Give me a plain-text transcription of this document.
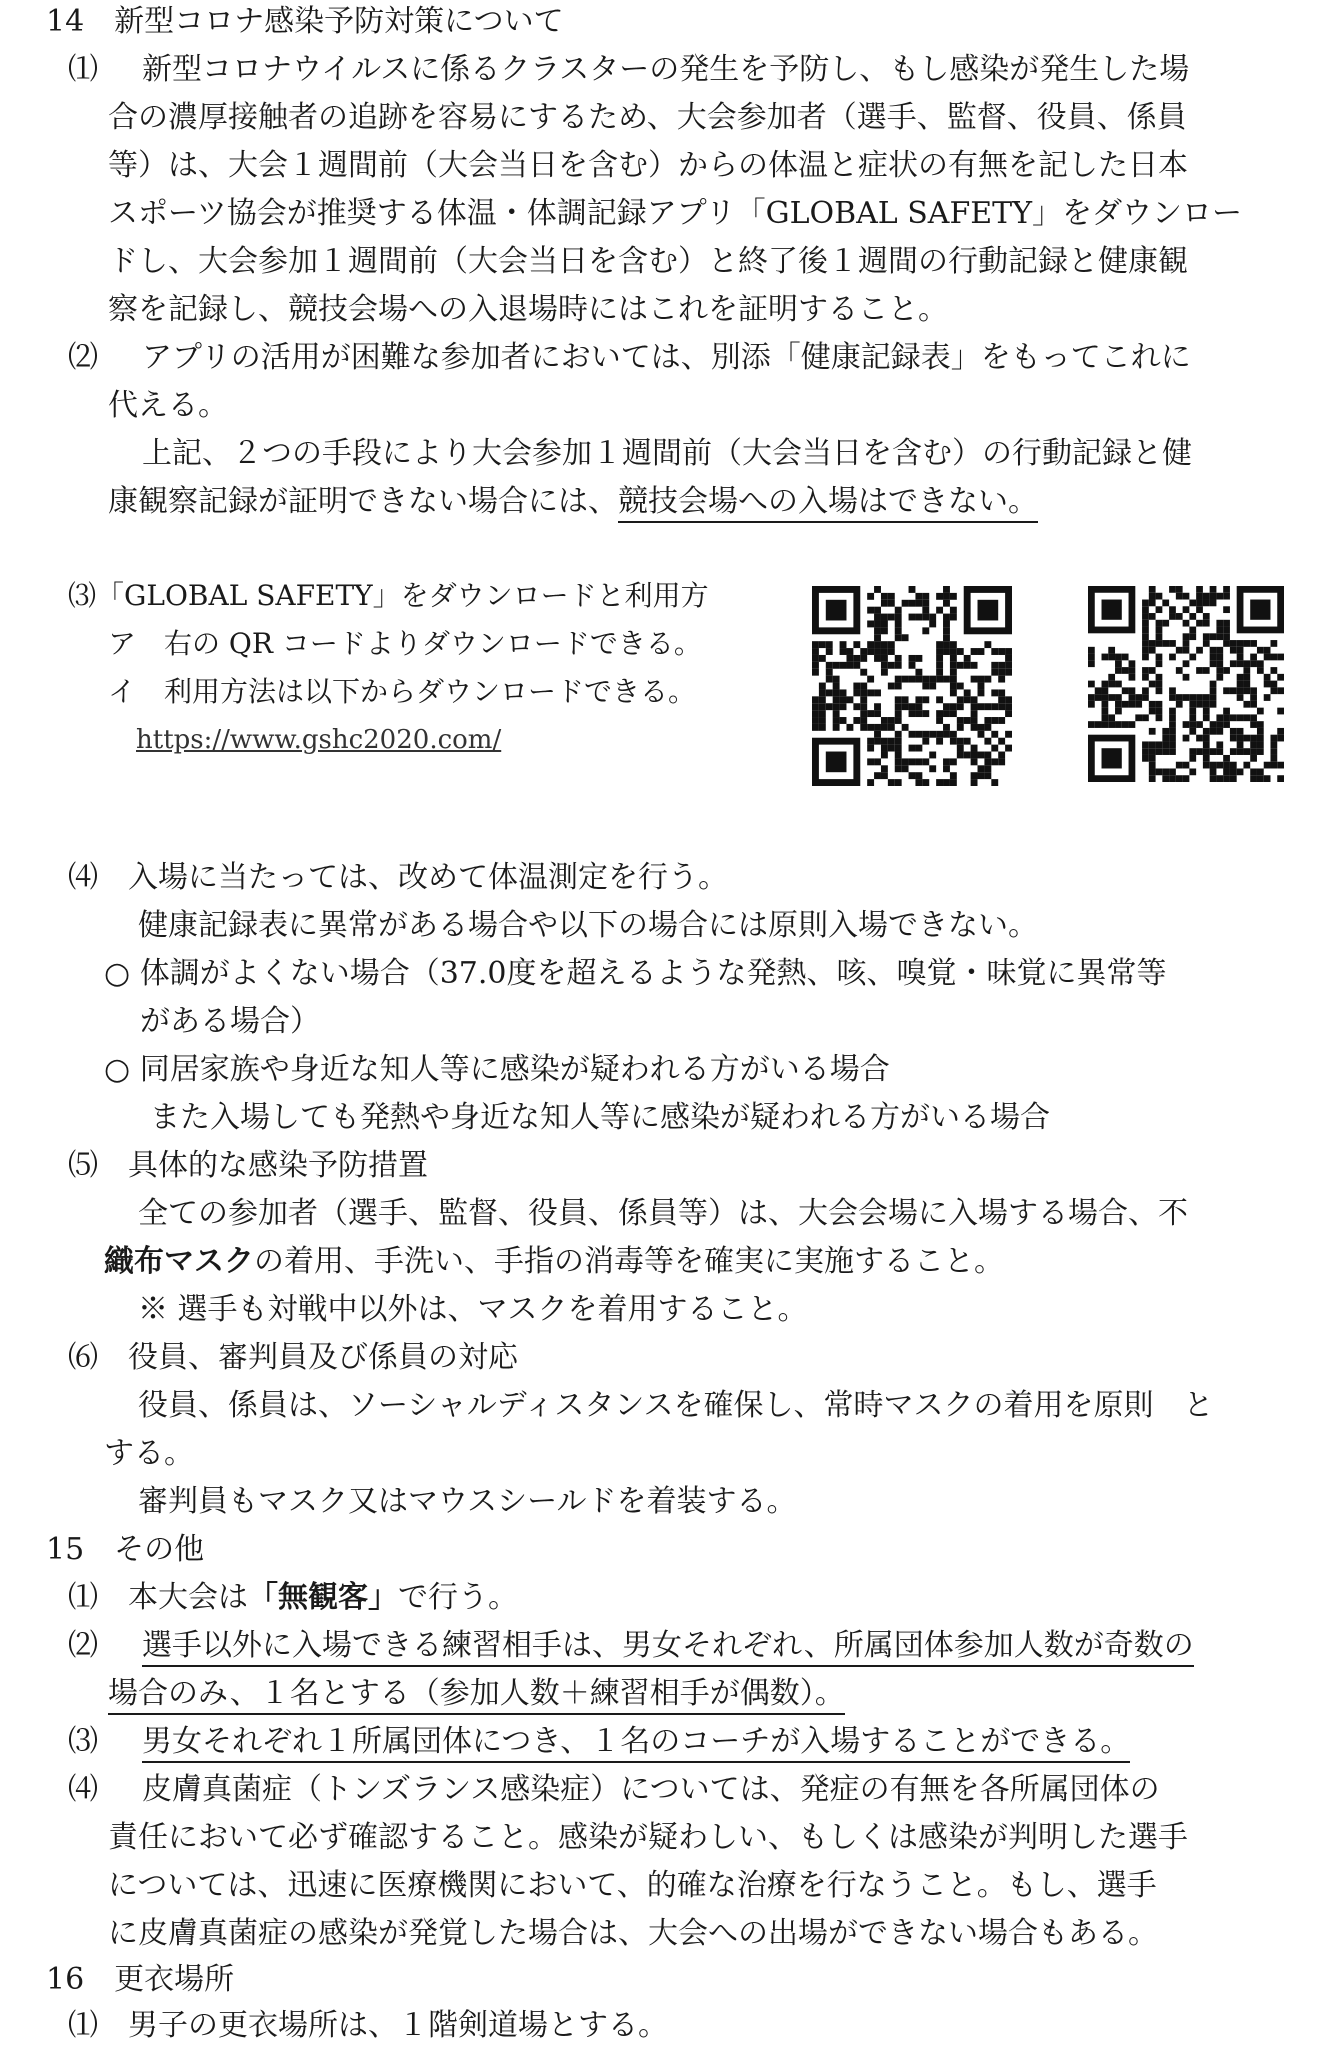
14　新型コロナ感染予防対策について
⑴ 新型コロナウイルスに係るクラスターの発生を予防し、もし感染が発生した場
合の濃厚接触者の追跡を容易にするため、大会参加者（選手、監督、役員、係員
等）は、大会１週間前（大会当日を含む）からの体温と症状の有無を記した日本
スポーツ協会が推奨する体温・体調記録アプリ「GLOBAL SAFETY」をダウンロー
ドし、大会参加１週間前（大会当日を含む）と終了後１週間の行動記録と健康観
察を記録し、競技会場への入退場時にはこれを証明すること。
⑵ アプリの活用が困難な参加者においては、別添「健康記録表」をもってこれに
代える。
上記、２つの手段により大会参加１週間前（大会当日を含む）の行動記録と健
康観察記録が証明できない場合には、競技会場への入場はできない。
⑶「GLOBAL SAFETY」をダウンロードと利用方
ア　右の QR コードよりダウンロードできる。
イ　利用方法は以下からダウンロードできる。
https://www.gshc2020.com/
⑷　入場に当たっては、改めて体温測定を行う。
健康記録表に異常がある場合や以下の場合には原則入場できない。
○ 体調がよくない場合（37.0度を超えるような発熱、咳、嗅覚・味覚に異常等
がある場合）
○ 同居家族や身近な知人等に感染が疑われる方がいる場合
また入場しても発熱や身近な知人等に感染が疑われる方がいる場合
⑸　具体的な感染予防措置
全ての参加者（選手、監督、役員、係員等）は、大会会場に入場する場合、不
織布マスクの着用、手洗い、手指の消毒等を確実に実施すること。
※ 選手も対戦中以外は、マスクを着用すること。
⑹　役員、審判員及び係員の対応
役員、係員は、ソーシャルディスタンスを確保し、常時マスクの着用を原則　と
する。
審判員もマスク又はマウスシールドを着装する。
15　その他
⑴　本大会は「無観客」で行う。
⑵ 選手以外に入場できる練習相手は、男女それぞれ、所属団体参加人数が奇数の
場合のみ、１名とする（参加人数＋練習相手が偶数）。
⑶ 男女それぞれ１所属団体につき、１名のコーチが入場することができる。
⑷ 皮膚真菌症（トンズランス感染症）については、発症の有無を各所属団体の
責任において必ず確認すること。感染が疑わしい、もしくは感染が判明した選手
については、迅速に医療機関において、的確な治療を行なうこと。もし、選手
に皮膚真菌症の感染が発覚した場合は、大会への出場ができない場合もある。
16　更衣場所
⑴　男子の更衣場所は、１階剣道場とする。
